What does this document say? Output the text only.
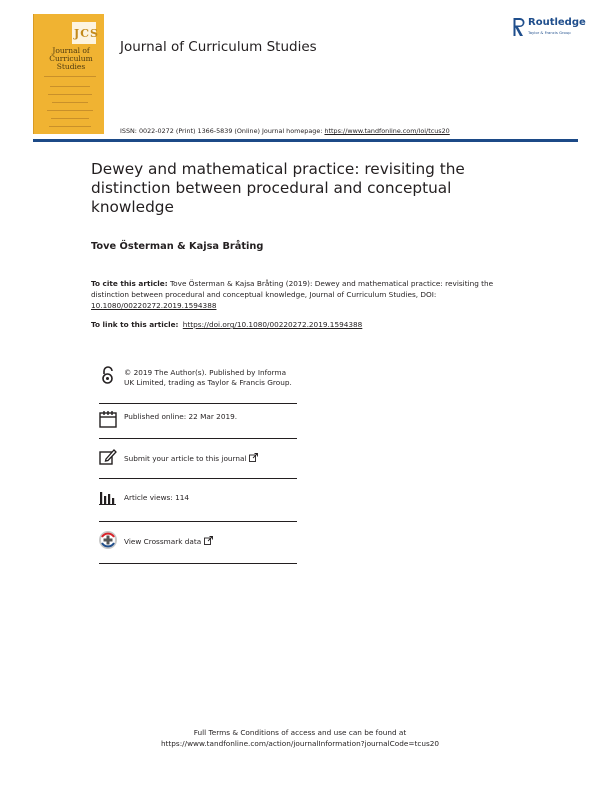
JCS
Journal of Curriculum Studies
Journal of Curriculum Studies
Routledge
Taylor & Francis Group
ISSN: 0022-0272 (Print) 1366-5839 (Online) Journal homepage: https://www.tandfonline.com/loi/tcus20
Dewey and mathematical practice: revisiting the distinction between procedural and conceptual knowledge
Tove Österman & Kajsa Bråting
To cite this article: Tove Österman & Kajsa Bråting (2019): Dewey and mathematical practice: revisiting the distinction between procedural and conceptual knowledge, Journal of Curriculum Studies, DOI: 10.1080/00220272.2019.1594388
To link to this article: https://doi.org/10.1080/00220272.2019.1594388
© 2019 The Author(s). Published by Informa UK Limited, trading as Taylor & Francis Group.
Published online: 22 Mar 2019.
Submit your article to this journal
Article views: 114
View Crossmark data
Full Terms & Conditions of access and use can be found at
https://www.tandfonline.com/action/journalInformation?journalCode=tcus20
